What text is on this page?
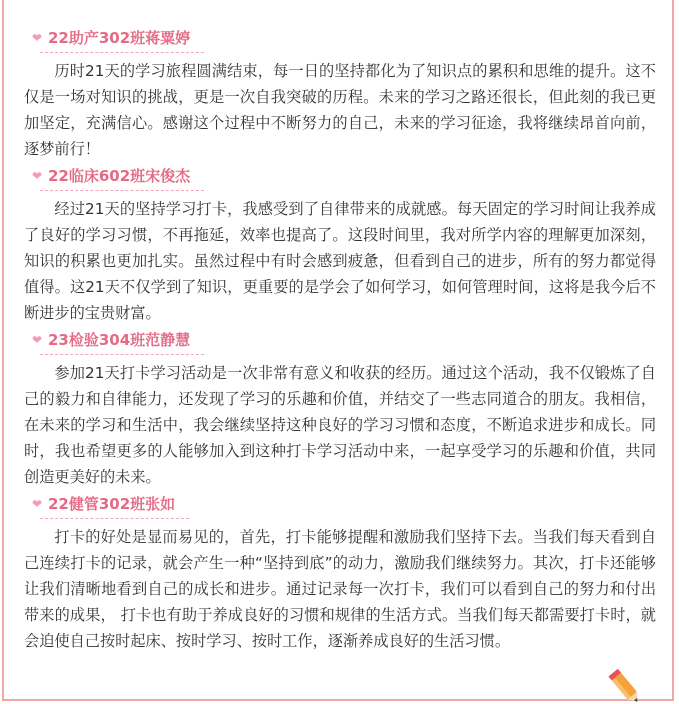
❤ 22助产302班蒋粟婷

历时21天的学习旅程圆满结束，每一日的坚持都化为了知识点的累积和思维的提升。这不仅是一场对知识的挑战，更是一次自我突破的历程。未来的学习之路还很长，但此刻的我已更加坚定，充满信心。感谢这个过程中不断努力的自己，未来的学习征途，我将继续昂首向前，逐梦前行！

❤ 22临床602班宋俊杰

经过21天的坚持学习打卡，我感受到了自律带来的成就感。每天固定的学习时间让我养成了良好的学习习惯，不再拖延，效率也提高了。这段时间里，我对所学内容的理解更加深刻，知识的积累也更加扎实。虽然过程中有时会感到疲惫，但看到自己的进步，所有的努力都觉得值得。这21天不仅学到了知识，更重要的是学会了如何学习，如何管理时间，这将是我今后不断进步的宝贵财富。

❤ 23检验304班范静慧

参加21天打卡学习活动是一次非常有意义和收获的经历。通过这个活动，我不仅锻炼了自己的毅力和自律能力，还发现了学习的乐趣和价值，并结交了一些志同道合的朋友。我相信，在未来的学习和生活中，我会继续坚持这种良好的学习习惯和态度，不断追求进步和成长。同时，我也希望更多的人能够加入到这种打卡学习活动中来，一起享受学习的乐趣和价值，共同创造更美好的未来。

❤ 22健管302班张如

打卡的好处是显而易见的，首先，打卡能够提醒和激励我们坚持下去。当我们每天看到自己连续打卡的记录，就会产生一种“坚持到底”的动力，激励我们继续努力。其次，打卡还能够让我们清晰地看到自己的成长和进步。通过记录每一次打卡，我们可以看到自己的努力和付出带来的成果， 打卡也有助于养成良好的习惯和规律的生活方式。当我们每天都需要打卡时，就会迫使自己按时起床、按时学习、按时工作，逐渐养成良好的生活习惯。
